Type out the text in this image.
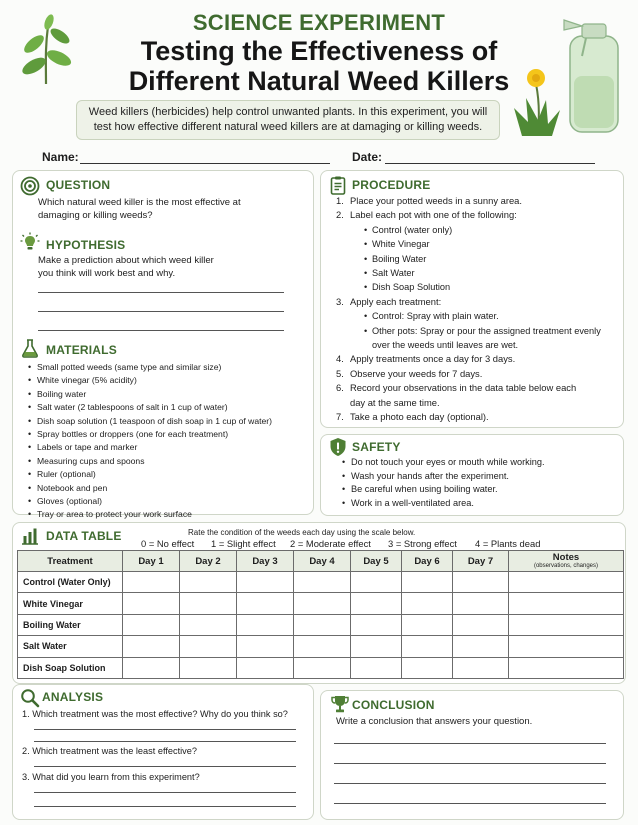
SCIENCE EXPERIMENT
Testing the Effectiveness of
Different Natural Weed Killers
Weed killers (herbicides) help control unwanted plants. In this experiment, you will test how effective different natural weed killers are at damaging or killing weeds.
Name:	Date:
QUESTION
Which natural weed killer is the most effective at damaging or killing weeds?
HYPOTHESIS
Make a prediction about which weed killer you think will work best and why.
MATERIALS
• Small potted weeds (same type and similar size)
• White vinegar (5% acidity)
• Boiling water
• Salt water (2 tablespoons of salt in 1 cup of water)
• Dish soap solution (1 teaspoon of dish soap in 1 cup of water)
• Spray bottles or droppers (one for each treatment)
• Labels or tape and marker
• Measuring cups and spoons
• Ruler (optional)
• Notebook and pen
• Gloves (optional)
• Tray or area to protect your work surface
PROCEDURE
1. Place your potted weeds in a sunny area.
2. Label each pot with one of the following:
• Control (water only)
• White Vinegar
• Boiling Water
• Salt Water
• Dish Soap Solution
3. Apply each treatment:
• Control: Spray with plain water.
• Other pots: Spray or pour the assigned treatment evenly over the weeds until leaves are wet.
4. Apply treatments once a day for 3 days.
5. Observe your weeds for 7 days.
6. Record your observations in the data table below each day at the same time.
7. Take a photo each day (optional).
SAFETY
• Do not touch your eyes or mouth while working.
• Wash your hands after the experiment.
• Be careful when using boiling water.
• Work in a well-ventilated area.
DATA TABLE	Rate the condition of the weeds each day using the scale below.
0 = No effect 1 = Slight effect 2 = Moderate effect 3 = Strong effect 4 = Plants dead
Treatment	Day 1	Day 2	Day 3	Day 4	Day 5	Day 6	Day 7	Notes
(observations, changes)

Control (Water Only)								
White Vinegar								
Boiling Water								
Salt Water								
Dish Soap Solution								
ANALYSIS
1. Which treatment was the most effective? Why do you think so?
2. Which treatment was the least effective?
3. What did you learn from this experiment?
CONCLUSION
Write a conclusion that answers your question.
